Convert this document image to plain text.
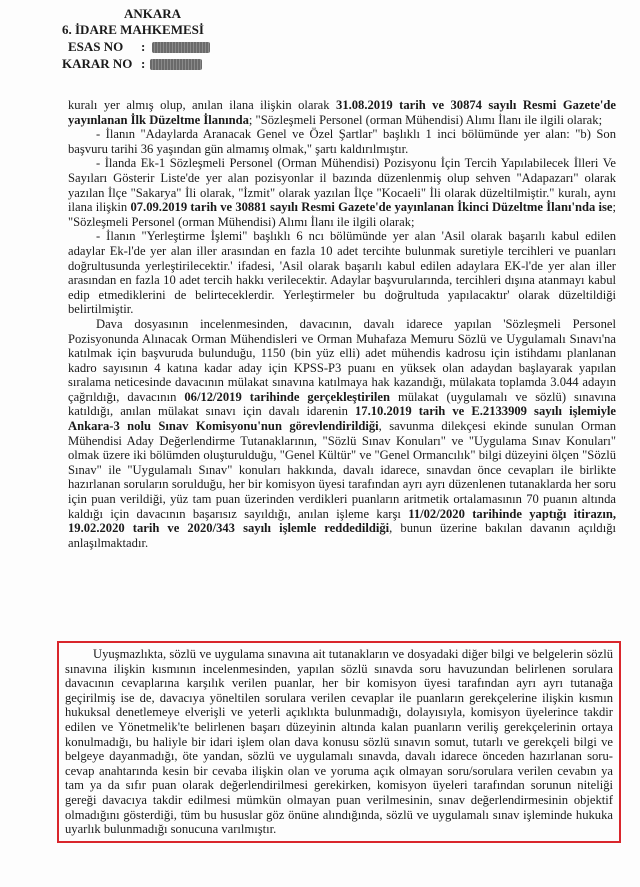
ANKARA
6. İDARE MAHKEMESİ
ESAS NO :
KARAR NO :

kuralı yer almış olup, anılan ilana ilişkin olarak 31.08.2019 tarih ve 30874 sayılı Resmi Gazete'de yayınlanan İlk Düzeltme İlanında; "Sözleşmeli Personel (orman Mühendisi) Alımı İlanı ile ilgili olarak;

- İlanın "Adaylarda Aranacak Genel ve Özel Şartlar" başlıklı 1 inci bölümünde yer alan: "b) Son başvuru tarihi 36 yaşından gün almamış olmak," şartı kaldırılmıştır.

- İlanda Ek-1 Sözleşmeli Personel (Orman Mühendisi) Pozisyonu İçin Tercih Yapılabilecek İlleri Ve Sayıları Gösterir Liste'de yer alan pozisyonlar il bazında düzenlenmiş olup sehven "Adapazarı" olarak yazılan İlçe "Sakarya" İli olarak, "İzmit" olarak yazılan İlçe "Kocaeli" İli olarak düzeltilmiştir." kuralı, aynı ilana ilişkin 07.09.2019 tarih ve 30881 sayılı Resmi Gazete'de yayınlanan İkinci Düzeltme İlanı'nda ise; "Sözleşmeli Personel (orman Mühendisi) Alımı İlanı ile ilgili olarak;

- İlanın "Yerleştirme İşlemi" başlıklı 6 ncı bölümünde yer alan 'Asil olarak başarılı kabul edilen adaylar Ek-l'de yer alan iller arasından en fazla 10 adet tercihte bulunmak suretiyle tercihleri ve puanları doğrultusunda yerleştirilecektir.' ifadesi, 'Asil olarak başarılı kabul edilen adaylara EK-l'de yer alan iller arasından en fazla 10 adet tercih hakkı verilecektir. Adaylar başvurularında, tercihleri dışına atanmayı kabul edip etmediklerini de belirteceklerdir. Yerleştirmeler bu doğrultuda yapılacaktır' olarak düzeltildiği belirtilmiştir.

Dava dosyasının incelenmesinden, davacının, davalı idarece yapılan 'Sözleşmeli Personel Pozisyonunda Alınacak Orman Mühendisleri ve Orman Muhafaza Memuru Sözlü ve Uygulamalı Sınavı'na katılmak için başvuruda bulunduğu, 1150 (bin yüz elli) adet mühendis kadrosu için istihdamı planlanan kadro sayısının 4 katına kadar aday için KPSS-P3 puanı en yüksek olan adaydan başlayarak yapılan sıralama neticesinde davacının mülakat sınavına katılmaya hak kazandığı, mülakata toplamda 3.044 adayın çağrıldığı, davacının 06/12/2019 tarihinde gerçekleştirilen mülakat (uygulamalı ve sözlü) sınavına katıldığı, anılan mülakat sınavı için davalı idarenin 17.10.2019 tarih ve E.2133909 sayılı işlemiyle Ankara-3 nolu Sınav Komisyonu'nun görevlendirildiği, savunma dilekçesi ekinde sunulan Orman Mühendisi Aday Değerlendirme Tutanaklarının, "Sözlü Sınav Konuları" ve "Uygulama Sınav Konuları" olmak üzere iki bölümden oluşturulduğu, "Genel Kültür" ve "Genel Ormancılık" bilgi düzeyini ölçen "Sözlü Sınav" ile "Uygulamalı Sınav" konuları hakkında, davalı idarece, sınavdan önce cevapları ile birlikte hazırlanan soruların sorulduğu, her bir komisyon üyesi tarafından ayrı ayrı düzenlenen tutanaklarda her soru için puan verildiği, yüz tam puan üzerinden verdikleri puanların aritmetik ortalamasının 70 puanın altında kaldığı için davacının başarısız sayıldığı, anılan işleme karşı 11/02/2020 tarihinde yaptığı itirazın, 19.02.2020 tarih ve 2020/343 sayılı işlemle reddedildiği, bunun üzerine bakılan davanın açıldığı anlaşılmaktadır.

Uyuşmazlıkta, sözlü ve uygulama sınavına ait tutanakların ve dosyadaki diğer bilgi ve belgelerin sözlü sınavına ilişkin kısmının incelenmesinden, yapılan sözlü sınavda soru havuzundan belirlenen sorulara davacının cevaplarına karşılık verilen puanlar, her bir komisyon üyesi tarafından ayrı ayrı tutanağa geçirilmiş ise de, davacıya yöneltilen sorulara verilen cevaplar ile puanların gerekçelerine ilişkin kısmın hukuksal denetlemeye elverişli ve yeterli açıklıkta bulunmadığı, dolayısıyla, komisyon üyelerince takdir edilen ve Yönetmelik'te belirlenen başarı düzeyinin altında kalan puanların veriliş gerekçelerinin ortaya konulmadığı, bu haliyle bir idari işlem olan dava konusu sözlü sınavın somut, tutarlı ve gerekçeli bilgi ve belgeye dayanmadığı, öte yandan, sözlü ve uygulamalı sınavda, davalı idarece önceden hazırlanan soru-cevap anahtarında kesin bir cevaba ilişkin olan ve yoruma açık olmayan soru/sorulara verilen cevabın ya tam ya da sıfır puan olarak değerlendirilmesi gerekirken, komisyon üyeleri tarafından sorunun niteliği gereği davacıya takdir edilmesi mümkün olmayan puan verilmesinin, sınav değerlendirmesinin objektif olmadığını gösterdiği, tüm bu hususlar göz önüne alındığında, sözlü ve uygulamalı sınav işleminde hukuka uyarlık bulunmadığı sonucuna varılmıştır.
